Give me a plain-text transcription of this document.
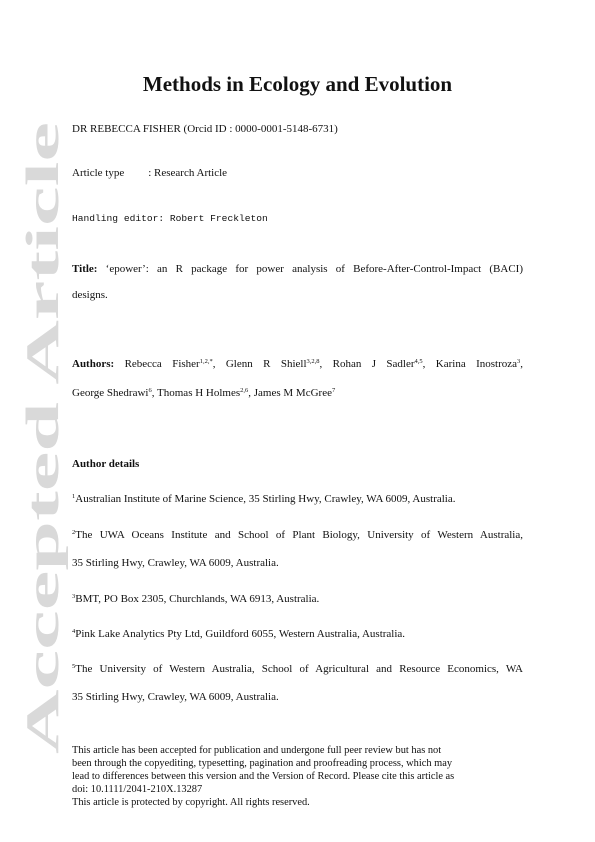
Accepted Article
Methods in Ecology and Evolution
DR REBECCA FISHER (Orcid ID : 0000-0001-5148-6731)
Article type : Research Article
Handling editor: Robert Freckleton
Title: ‘epower’: an R package for power analysis of Before-After-Control-Impact (BACI)
designs.
Authors: Rebecca Fisher$^{1,2,*}$, Glenn R Shiell$^{3,2,8}$, Rohan J Sadler$^{4,5}$, Karina Inostroza$^3$,
George Shedrawi$^6$, Thomas H Holmes$^{2,6}$, James M McGree$^7$
Author details
$^1$Australian Institute of Marine Science, 35 Stirling Hwy, Crawley, WA 6009, Australia.
$^2$The UWA Oceans Institute and School of Plant Biology, University of Western Australia,
35 Stirling Hwy, Crawley, WA 6009, Australia.
$^3$BMT, PO Box 2305, Churchlands, WA 6913, Australia.
$^4$Pink Lake Analytics Pty Ltd, Guildford 6055, Western Australia, Australia.
$^5$The University of Western Australia, School of Agricultural and Resource Economics, WA
35 Stirling Hwy, Crawley, WA 6009, Australia.
This article has been accepted for publication and undergone full peer review but has not
been through the copyediting, typesetting, pagination and proofreading process, which may
lead to differences between this version and the Version of Record. Please cite this article as
doi: 10.1111/2041-210X.13287
This article is protected by copyright. All rights reserved.
